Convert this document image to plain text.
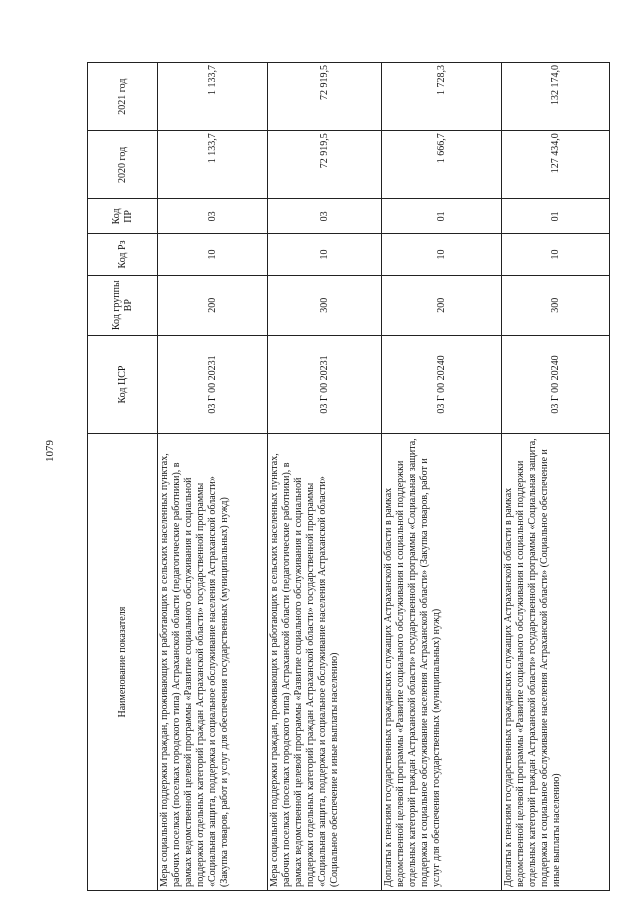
1079
Наименование показателя	Код ЦСР	Код группы ВР	Код Рз	Код ПР	2020 год	2021 год
Мера социальной поддержки граждан, проживающих и работающих в сельских населенных пунктах, рабочих поселках (поселках городского типа) Астраханской области (педагогические работники), в рамках ведомственной целевой программы «Развитие социального обслуживания и социальной поддержки отдельных категорий граждан Астраханской области» государственной программы «Социальная защита, поддержка и социальное обслуживание населения Астраханской области» (Закупка товаров, работ и услуг для обеспечения государственных (муниципальных) нужд)	03 Г 00 20231	200	10	03	1 133,7	1 133,7
Мера социальной поддержки граждан, проживающих и работающих в сельских населенных пунктах, рабочих поселках (поселках городского типа) Астраханской области (педагогические работники), в рамках ведомственной целевой программы «Развитие социального обслуживания и социальной поддержки отдельных категорий граждан Астраханской области» государственной программы «Социальная защита, поддержка и социальное обслуживание населения Астраханской области» (Социальное обеспечение и иные выплаты населению)	03 Г 00 20231	300	10	03	72 919,5	72 919,5
Доплаты к пенсиям государственных гражданских служащих Астраханской области в рамках ведомственной целевой программы «Развитие социального обслуживания и социальной поддержки отдельных категорий граждан Астраханской области» государственной программы «Социальная защита, поддержка и социальное обслуживание населения Астраханской области» (Закупка товаров, работ и услуг для обеспечения государственных (муниципальных) нужд)	03 Г 00 20240	200	10	01	1 666,7	1 728,3
Доплаты к пенсиям государственных гражданских служащих Астраханской области в рамках ведомственной целевой программы «Развитие социального обслуживания и социальной поддержки отдельных категорий граждан Астраханской области» государственной программы «Социальная защита, поддержка и социальное обслуживание населения Астраханской области» (Социальное обеспечение и иные выплаты населению)	03 Г 00 20240	300	10	01	127 434,0	132 174,0
